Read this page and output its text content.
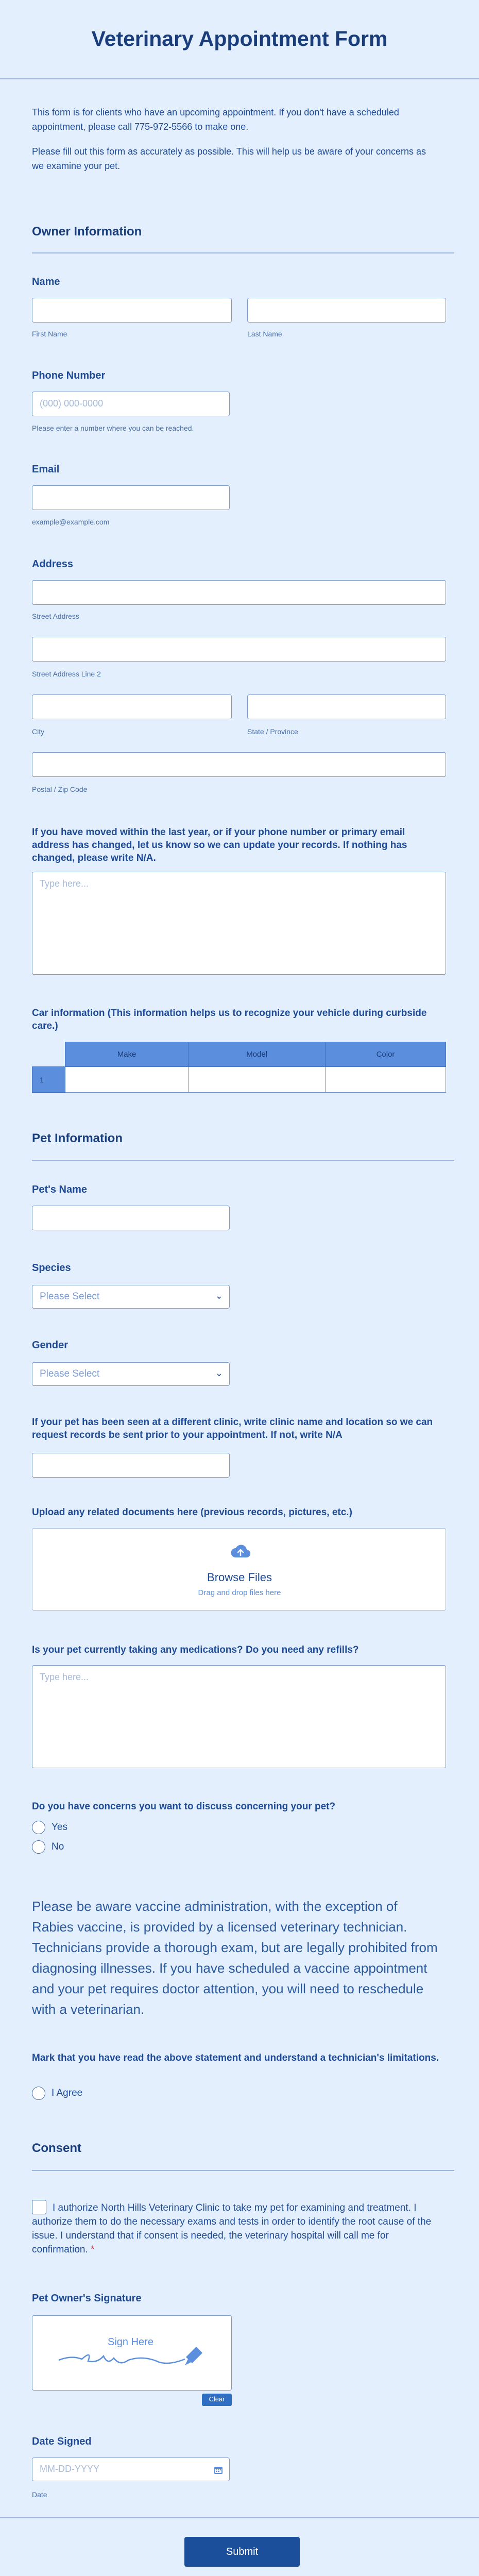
Veterinary Appointment Form
This form is for clients who have an upcoming appointment. If you don't have a scheduled appointment, please call 775-972-5566 to make one.
Please fill out this form as accurately as possible. This will help us be aware of your concerns as we examine your pet.
Owner Information
Name
First Name	Last Name
Phone Number
(000) 000-0000
Please enter a number where you can be reached.
Email
example@example.com
Address
Street Address
Street Address Line 2
City	State / Province
Postal / Zip Code
If you have moved within the last year, or if your phone number or primary email address has changed, let us know so we can update your records. If nothing has changed, please write N/A.
Type here...
Car information (This information helps us to recognize your vehicle during curbside care.)
	Make	Model	Color
1			
Pet Information
Pet's Name
Species
Please Select	⌄
Gender
Please Select	⌄
If your pet has been seen at a different clinic, write clinic name and location so we can request records be sent prior to your appointment. If not, write N/A
Upload any related documents here (previous records, pictures, etc.)
Browse Files
Drag and drop files here
Is your pet currently taking any medications? Do you need any refills?
Type here...
Do you have concerns you want to discuss concerning your pet?
Yes
No
Please be aware vaccine administration, with the exception of Rabies vaccine, is provided by a licensed veterinary technician. Technicians provide a thorough exam, but are legally prohibited from diagnosing illnesses. If you have scheduled a vaccine appointment and your pet requires doctor attention, you will need to reschedule with a veterinarian.
Mark that you have read the above statement and understand a technician's limitations.
I Agree
Consent
I authorize North Hills Veterinary Clinic to take my pet for examining and treatment. I authorize them to do the necessary exams and tests in order to identify the root cause of the issue. I understand that if consent is needed, the veterinary hospital will call me for confirmation. *
Pet Owner's Signature
Sign Here
Clear
Date Signed
MM-DD-YYYY
Date
Submit
